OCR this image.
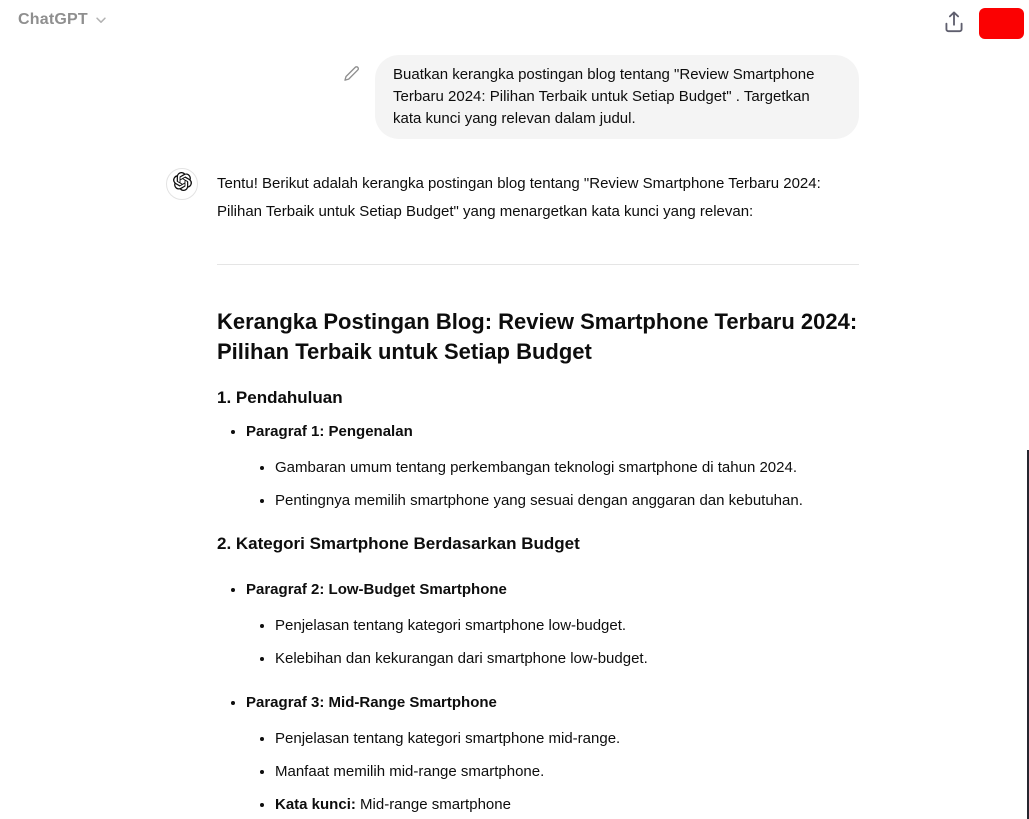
ChatGPT
Buatkan kerangka postingan blog tentang "Review Smartphone Terbaru 2024: Pilihan Terbaik untuk Setiap Budget" . Targetkan kata kunci yang relevan dalam judul.

Tentu! Berikut adalah kerangka postingan blog tentang "Review Smartphone Terbaru 2024: Pilihan Terbaik untuk Setiap Budget" yang menargetkan kata kunci yang relevan:

Kerangka Postingan Blog: Review Smartphone Terbaru 2024: Pilihan Terbaik untuk Setiap Budget
1. Pendahuluan
• Paragraf 1: Pengenalan
• Gambaran umum tentang perkembangan teknologi smartphone di tahun 2024.
• Pentingnya memilih smartphone yang sesuai dengan anggaran dan kebutuhan.
2. Kategori Smartphone Berdasarkan Budget
• Paragraf 2: Low-Budget Smartphone
• Penjelasan tentang kategori smartphone low-budget.
• Kelebihan dan kekurangan dari smartphone low-budget.
• Paragraf 3: Mid-Range Smartphone
• Penjelasan tentang kategori smartphone mid-range.
• Manfaat memilih mid-range smartphone.
• Kata kunci: Mid-range smartphone
